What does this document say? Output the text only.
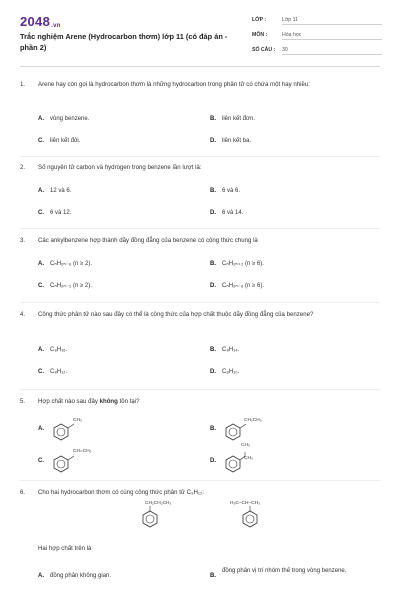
2048.vn
Trắc nghiệm Arene (Hydrocarbon thơm) lớp 11 (có đáp án - phần 2)
LỚP :	Lớp 11
MÔN :	Hóa học
SỐ CÂU : 30
1. Arene hay còn gọi là hydrocarbon thơm là những hydrocarbon trong phân tử có chứa một hay nhiều:
A. vòng benzene.	B. liên kết đơn.
C. liên kết đôi.	D. liên kết ba.
2. Số nguyên tử carbon và hydrogen trong benzene lần lượt là:
A. 12 và 6.	B. 6 và 6.
C. 6 và 12.	D. 6 và 14.
3. Các ankylbenzene hợp thành dãy đồng đẳng của benzene có công thức chung là
A. CₙH₂ₙ₋₆ (n ≥ 2).	B. CₙH₂ₙ₊₂ (n ≥ 6).
C. CₙH₂ₙ₋₂ (n ≥ 2).	D. CₙH₂ₙ₋₆ (n ≥ 6).
4. Công thức phân tử nào sau đây có thể là công thức của hợp chất thuộc dãy đồng đẳng của benzene?
A. C₈H₁₆.	B. C₈H₁₄.
C. C₈H₁₂.	D. C₈H₁₀.
5. Hợp chất nào sau đây không tồn tại?
A.
CH₃
B.
CH₂CH₃
C.
CH=CH₂
D.
CH₃
CH₃
6. Cho hai hydrocarbon thơm có cùng công thức phân tử C₉H₁₂:
CH₂CH₂CH₃	H₃C–CH–CH₃
Hai hợp chất trên là
A. đồng phân không gian.	B.
đồng phân vị trí nhóm thế trong vòng benzene.
